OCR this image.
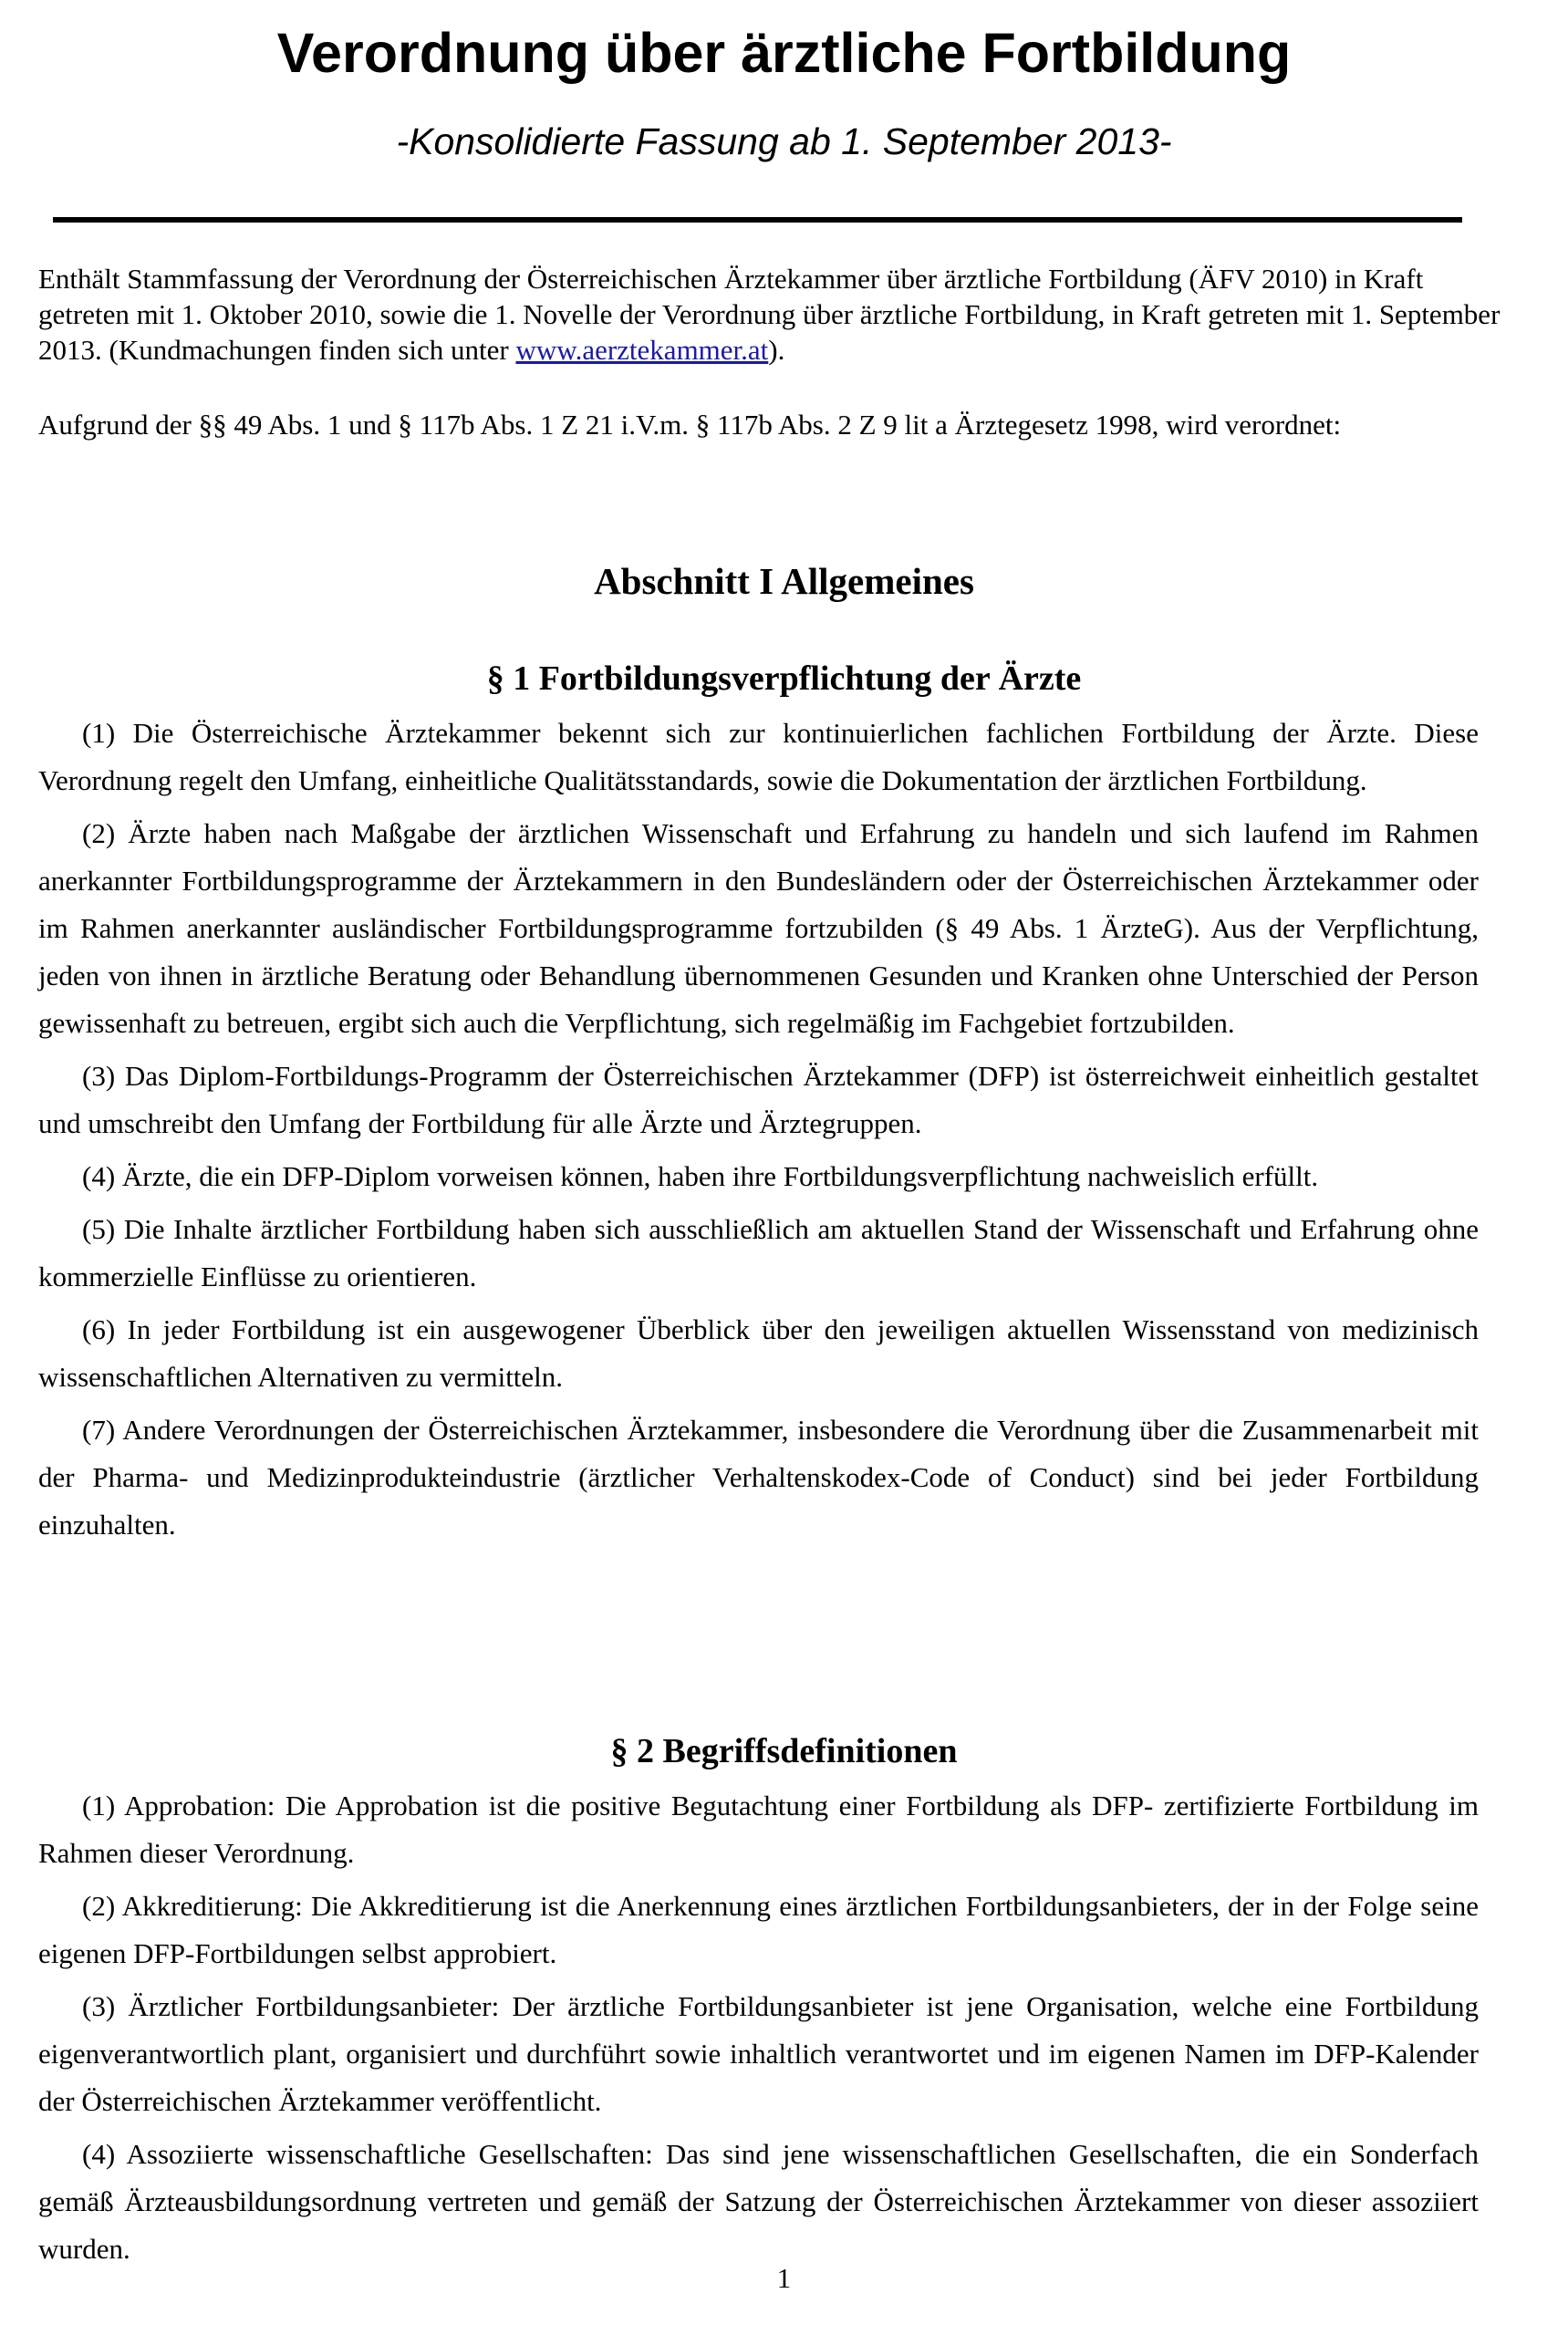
Verordnung über ärztliche Fortbildung

-Konsolidierte Fassung ab 1. September 2013-

Enthält Stammfassung der Verordnung der Österreichischen Ärztekammer über ärztliche Fortbildung (ÄFV 2010) in Kraft getreten mit 1. Oktober 2010, sowie die 1. Novelle der Verordnung über ärztliche Fortbildung, in Kraft getreten mit 1. September 2013. (Kundmachungen finden sich unter www.aerztekammer.at).

Aufgrund der §§ 49 Abs. 1 und § 117b Abs. 1 Z 21 i.V.m. § 117b Abs. 2 Z 9 lit a Ärztegesetz 1998, wird verordnet:

Abschnitt I Allgemeines
§ 1 Fortbildungsverpflichtung der Ärzte

(1) Die Österreichische Ärztekammer bekennt sich zur kontinuierlichen fachlichen Fortbildung der Ärzte. Diese Verordnung regelt den Umfang, einheitliche Qualitätsstandards, sowie die Dokumentation der ärztlichen Fortbildung.

(2) Ärzte haben nach Maßgabe der ärztlichen Wissenschaft und Erfahrung zu handeln und sich laufend im Rahmen anerkannter Fortbildungsprogramme der Ärztekammern in den Bundesländern oder der Österreichischen Ärztekammer oder im Rahmen anerkannter ausländischer Fortbildungsprogramme fortzubilden (§ 49 Abs. 1 ÄrzteG). Aus der Verpflichtung, jeden von ihnen in ärztliche Beratung oder Behandlung übernommenen Gesunden und Kranken ohne Unterschied der Person gewissenhaft zu betreuen, ergibt sich auch die Verpflichtung, sich regelmäßig im Fachgebiet fortzubilden.

(3) Das Diplom-Fortbildungs-Programm der Österreichischen Ärztekammer (DFP) ist österreichweit einheitlich gestaltet und umschreibt den Umfang der Fortbildung für alle Ärzte und Ärztegruppen.

(4) Ärzte, die ein DFP-Diplom vorweisen können, haben ihre Fortbildungsverpflichtung nachweislich erfüllt.

(5) Die Inhalte ärztlicher Fortbildung haben sich ausschließlich am aktuellen Stand der Wissenschaft und Erfahrung ohne kommerzielle Einflüsse zu orientieren.

(6) In jeder Fortbildung ist ein ausgewogener Überblick über den jeweiligen aktuellen Wissensstand von medizinisch wissenschaftlichen Alternativen zu vermitteln.

(7) Andere Verordnungen der Österreichischen Ärztekammer, insbesondere die Verordnung über die Zusammenarbeit mit der Pharma- und Medizinprodukteindustrie (ärztlicher Verhaltenskodex-Code of Conduct) sind bei jeder Fortbildung einzuhalten.

§ 2 Begriffsdefinitionen

(1) Approbation: Die Approbation ist die positive Begutachtung einer Fortbildung als DFP- zertifizierte Fortbildung im Rahmen dieser Verordnung.

(2) Akkreditierung: Die Akkreditierung ist die Anerkennung eines ärztlichen Fortbildungsanbieters, der in der Folge seine eigenen DFP-Fortbildungen selbst approbiert.

(3) Ärztlicher Fortbildungsanbieter: Der ärztliche Fortbildungsanbieter ist jene Organisation, welche eine Fortbildung eigenverantwortlich plant, organisiert und durchführt sowie inhaltlich verantwortet und im eigenen Namen im DFP-Kalender der Österreichischen Ärztekammer veröffentlicht.

(4) Assoziierte wissenschaftliche Gesellschaften: Das sind jene wissenschaftlichen Gesellschaften, die ein Sonderfach gemäß Ärzteausbildungsordnung vertreten und gemäß der Satzung der Österreichischen Ärztekammer von dieser assoziiert wurden.

1
